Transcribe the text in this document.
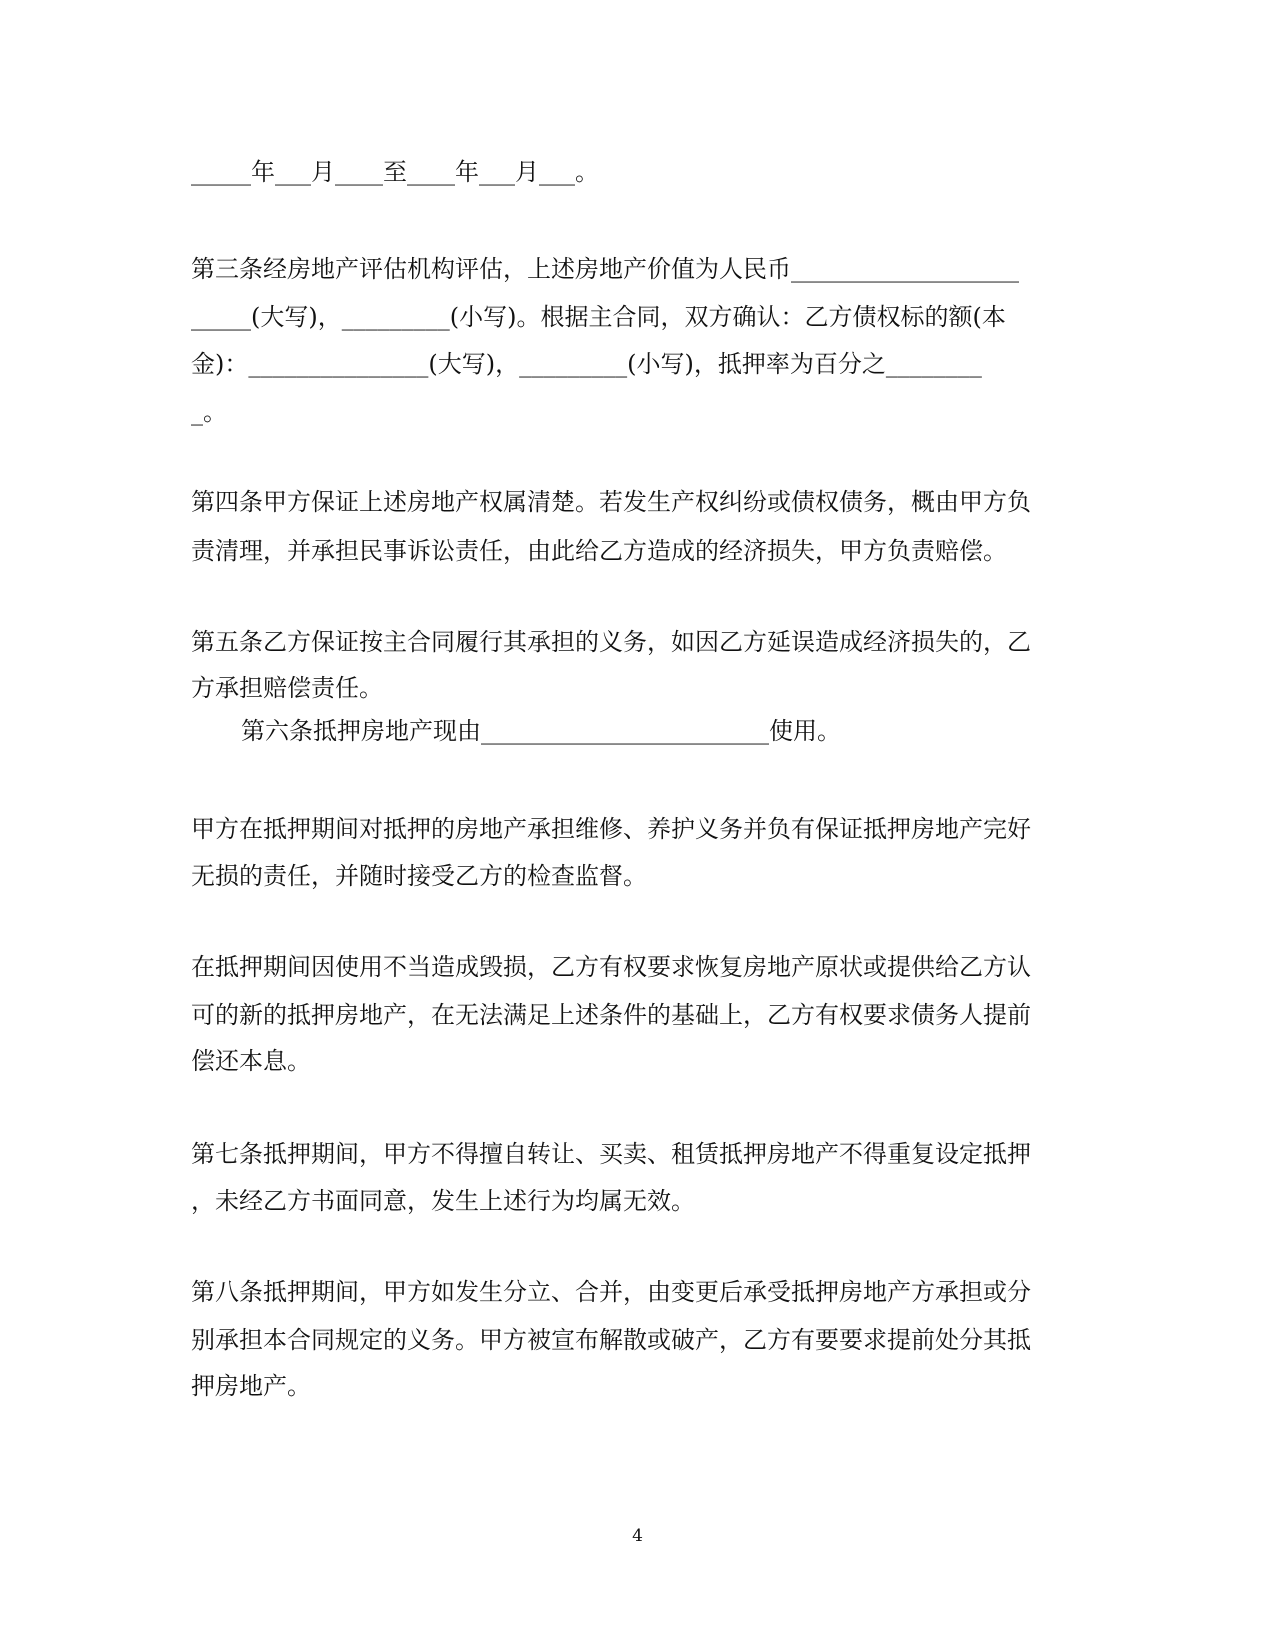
_____年___月____至____年___月___。
第三条经房地产评估机构评估，上述房地产价值为人民币___________________
_____(大写)，_________(小写)。根据主合同，双方确认：乙方债权标的额(本
金)：_______________(大写)，_________(小写)，抵押率为百分之________
_。
第四条甲方保证上述房地产权属清楚。若发生产权纠纷或债权债务，概由甲方负
责清理，并承担民事诉讼责任，由此给乙方造成的经济损失，甲方负责赔偿。
第五条乙方保证按主合同履行其承担的义务，如因乙方延误造成经济损失的，乙
方承担赔偿责任。
第六条抵押房地产现由________________________使用。
甲方在抵押期间对抵押的房地产承担维修、养护义务并负有保证抵押房地产完好
无损的责任，并随时接受乙方的检查监督。
在抵押期间因使用不当造成毁损，乙方有权要求恢复房地产原状或提供给乙方认
可的新的抵押房地产，在无法满足上述条件的基础上，乙方有权要求债务人提前
偿还本息。
第七条抵押期间，甲方不得擅自转让、买卖、租赁抵押房地产不得重复设定抵押
，未经乙方书面同意，发生上述行为均属无效。
第八条抵押期间，甲方如发生分立、合并，由变更后承受抵押房地产方承担或分
别承担本合同规定的义务。甲方被宣布解散或破产，乙方有要要求提前处分其抵
押房地产。
4
